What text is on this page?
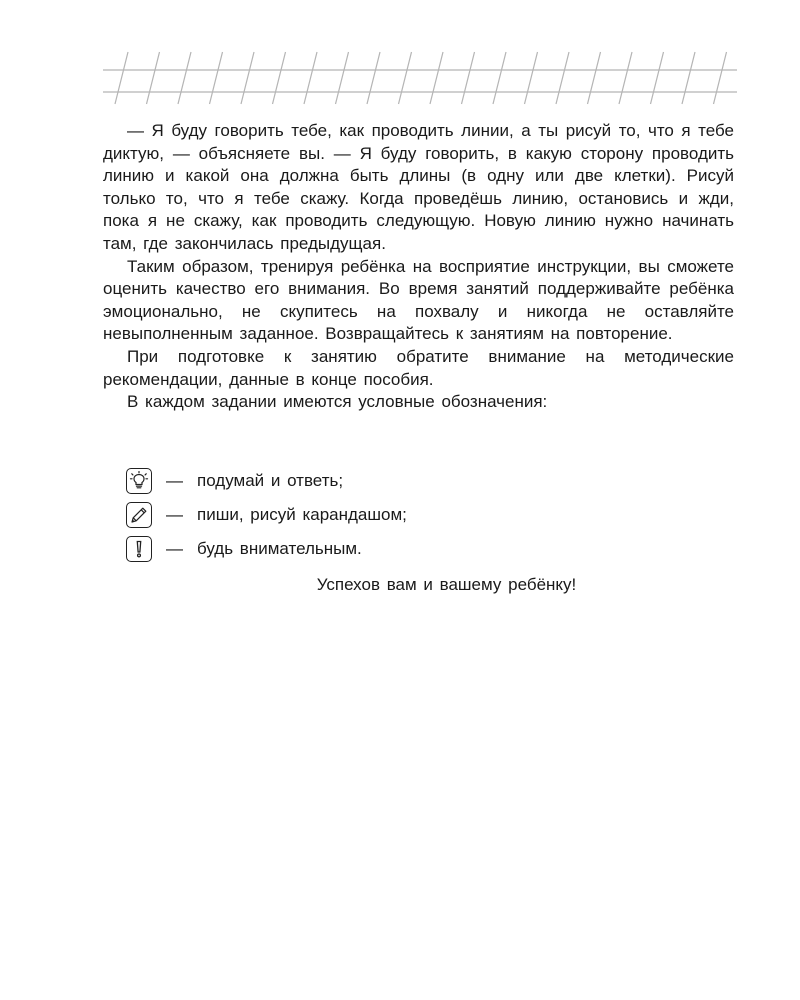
— Я буду говорить тебе, как проводить линии, а ты рисуй то, что я тебе диктую, — объясняете вы. — Я буду говорить, в какую сторону проводить линию и какой она должна быть длины (в одну или две клетки). Рисуй только то, что я тебе скажу. Когда проведёшь линию, остановись и жди, пока я не скажу, как проводить следующую. Новую линию нужно начинать там, где закончилась предыдущая.

Таким образом, тренируя ребёнка на восприятие инструкции, вы сможете оценить качество его внимания. Во время занятий поддерживайте ребёнка эмоционально, не скупитесь на похвалу и никогда не оставляйте невыполненным заданное. Возвращайтесь к занятиям на повторение.

При подготовке к занятию обратите внимание на методические рекомендации, данные в конце пособия.

В каждом задании имеются условные обозначения:

— подумай и ответь;
— пиши, рисуй карандашом;
— будь внимательным.
Успехов вам и вашему ребёнку!
